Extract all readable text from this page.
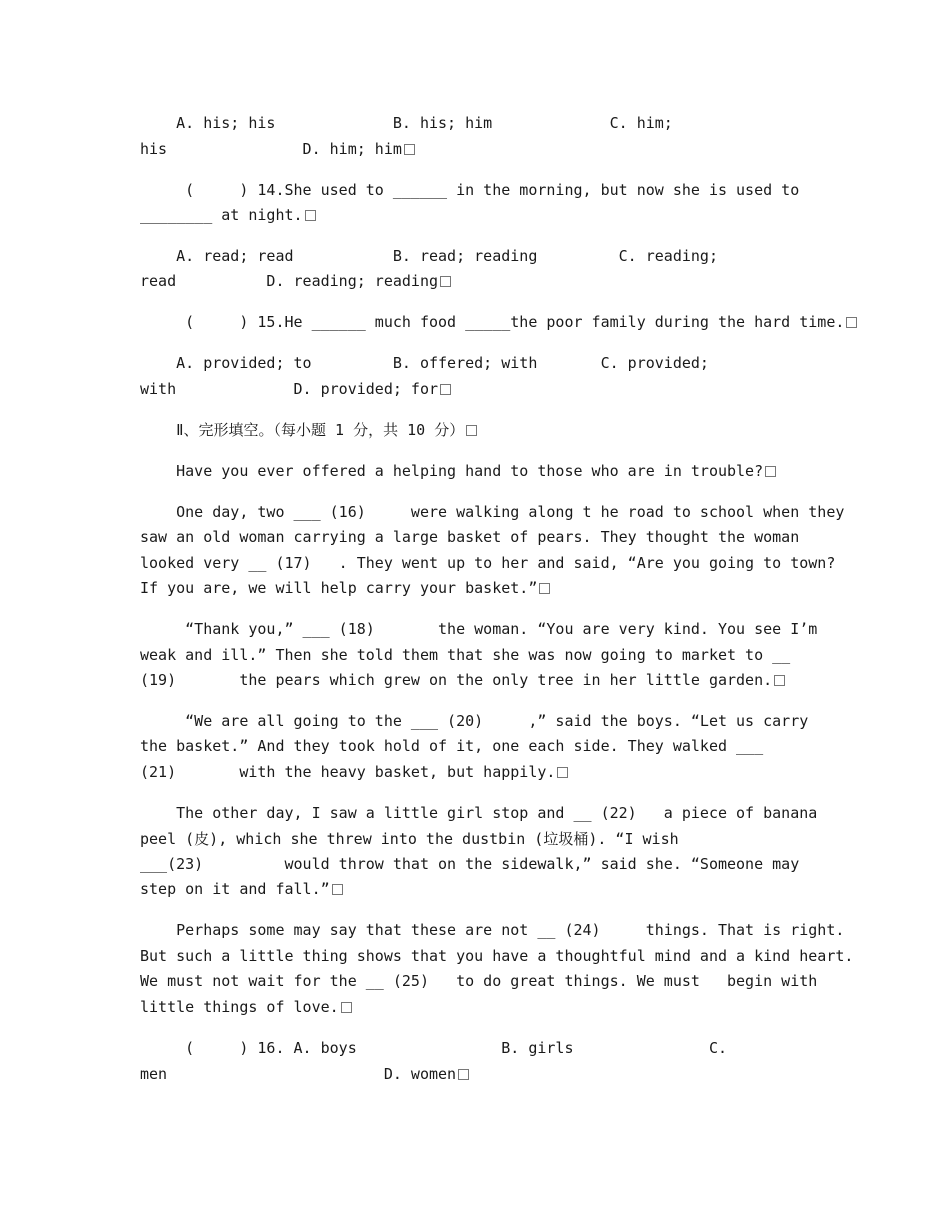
A. his; his             B. his; him             C. him;
his               D. him; him
(     ) 14.She used to ______ in the morning, but now she is used to
________ at night.
A. read; read           B. read; reading         C. reading;
read          D. reading; reading
(     ) 15.He ______ much food _____the poor family during the hard time.
A. provided; to         B. offered; with       C. provided;
with             D. provided; for
Ⅱ、完形填空。（每小题 1 分，共 10 分）
Have you ever offered a helping hand to those who are in trouble?
One day, two ___ (16)     were walking along t he road to school when they
saw an old woman carrying a large basket of pears. They thought the woman
looked very __ (17)   . They went up to her and said, “Are you going to town?
If you are, we will help carry your basket.”
“Thank you,” ___ (18)       the woman. “You are very kind. You see I’m
weak and ill.” Then she told them that she was now going to market to __
(19)       the pears which grew on the only tree in her little garden.
“We are all going to the ___ (20)     ,” said the boys. “Let us carry
the basket.” And they took hold of it, one each side. They walked ___
(21)       with the heavy basket, but happily.
The other day, I saw a little girl stop and __ (22)   a piece of banana
peel (皮), which she threw into the dustbin (垃圾桶). “I wish
___(23)         would throw that on the sidewalk,” said she. “Someone may
step on it and fall.”
Perhaps some may say that these are not __ (24)     things. That is right.
But such a little thing shows that you have a thoughtful mind and a kind heart.
We must not wait for the __ (25)   to do great things. We must   begin with
little things of love.
(     ) 16. A. boys                B. girls               C.
men                        D. women
